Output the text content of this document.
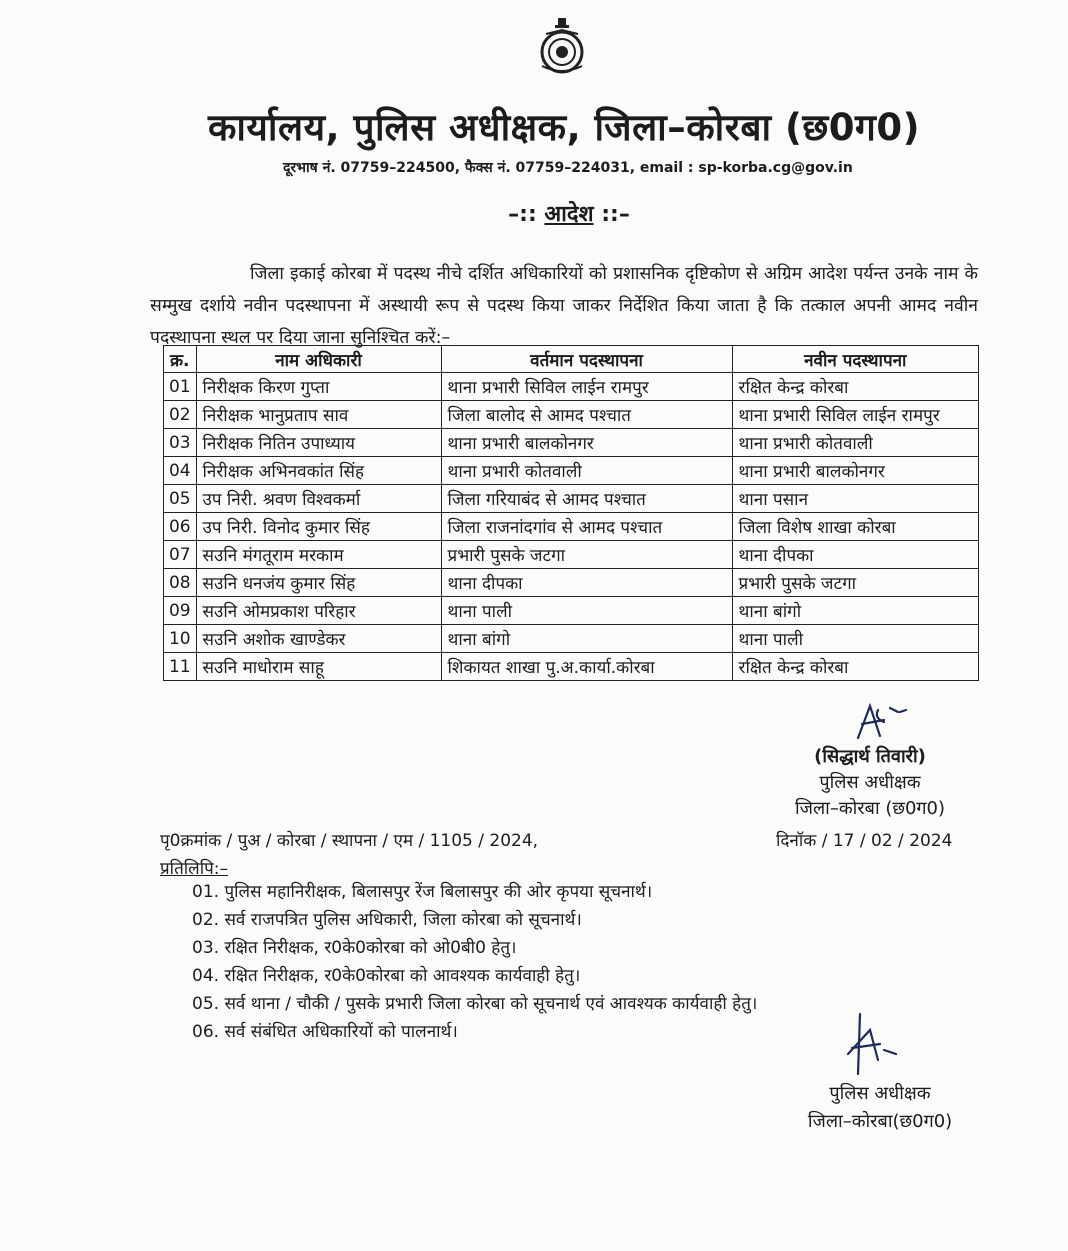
कार्यालय, पुलिस अधीक्षक, जिला–कोरबा (छ0ग0)
दूरभाष नं. 07759–224500, फैक्स नं. 07759–224031, email : sp-korba.cg@gov.in
–:: आदेश ::–
जिला इकाई कोरबा में पदस्थ नीचे दर्शित अधिकारियों को प्रशासनिक दृष्टिकोण से अग्रिम आदेश पर्यन्त उनके नाम के सम्मुख दर्शाये नवीन पदस्थापना में अस्थायी रूप से पदस्थ किया जाकर निर्देशित किया जाता है कि तत्काल अपनी आमद नवीन पदस्थापना स्थल पर दिया जाना सुनिश्चित करें:–
क्र.	नाम अधिकारी	वर्तमान पदस्थापना	नवीन पदस्थापना
01	निरीक्षक किरण गुप्ता	थाना प्रभारी सिविल लाईन रामपुर	रक्षित केन्द्र कोरबा
02	निरीक्षक भानुप्रताप साव	जिला बालोद से आमद पश्चात	थाना प्रभारी सिविल लाईन रामपुर
03	निरीक्षक नितिन उपाध्याय	थाना प्रभारी बालकोनगर	थाना प्रभारी कोतवाली
04	निरीक्षक अभिनवकांत सिंह	थाना प्रभारी कोतवाली	थाना प्रभारी बालकोनगर
05	उप निरी. श्रवण विश्वकर्मा	जिला गरियाबंद से आमद पश्चात	थाना पसान
06	उप निरी. विनोद कुमार सिंह	जिला राजनांदगांव से आमद पश्चात	जिला विशेष शाखा कोरबा
07	सउनि मंगतूराम मरकाम	प्रभारी पुसके जटगा	थाना दीपका
08	सउनि धनजंय कुमार सिंह	थाना दीपका	प्रभारी पुसके जटगा
09	सउनि ओमप्रकाश परिहार	थाना पाली	थाना बांगो
10	सउनि अशोक खाण्डेकर	थाना बांगो	थाना पाली
11	सउनि माधोराम साहू	शिकायत शाखा पु.अ.कार्या.कोरबा	रक्षित केन्द्र कोरबा
(सिद्धार्थ तिवारी)
पुलिस अधीक्षक
जिला–कोरबा (छ0ग0)
पृ0क्रमांक / पुअ / कोरबा / स्थापना / एम / 1105 / 2024,	दिनॉक / 17 / 02 / 2024
प्रतिलिपि:–
01. पुलिस महानिरीक्षक, बिलासपुर रेंज बिलासपुर की ओर कृपया सूचनार्थ।
02. सर्व राजपत्रित पुलिस अधिकारी, जिला कोरबा को सूचनार्थ।
03. रक्षित निरीक्षक, र0के0कोरबा को ओ0बी0 हेतु।
04. रक्षित निरीक्षक, र0के0कोरबा को आवश्यक कार्यवाही हेतु।
05. सर्व थाना / चौकी / पुसके प्रभारी जिला कोरबा को सूचनार्थ एवं आवश्यक कार्यवाही हेतु।
06. सर्व संबंधित अधिकारियों को पालनार्थ।
पुलिस अधीक्षक
जिला–कोरबा(छ0ग0)
